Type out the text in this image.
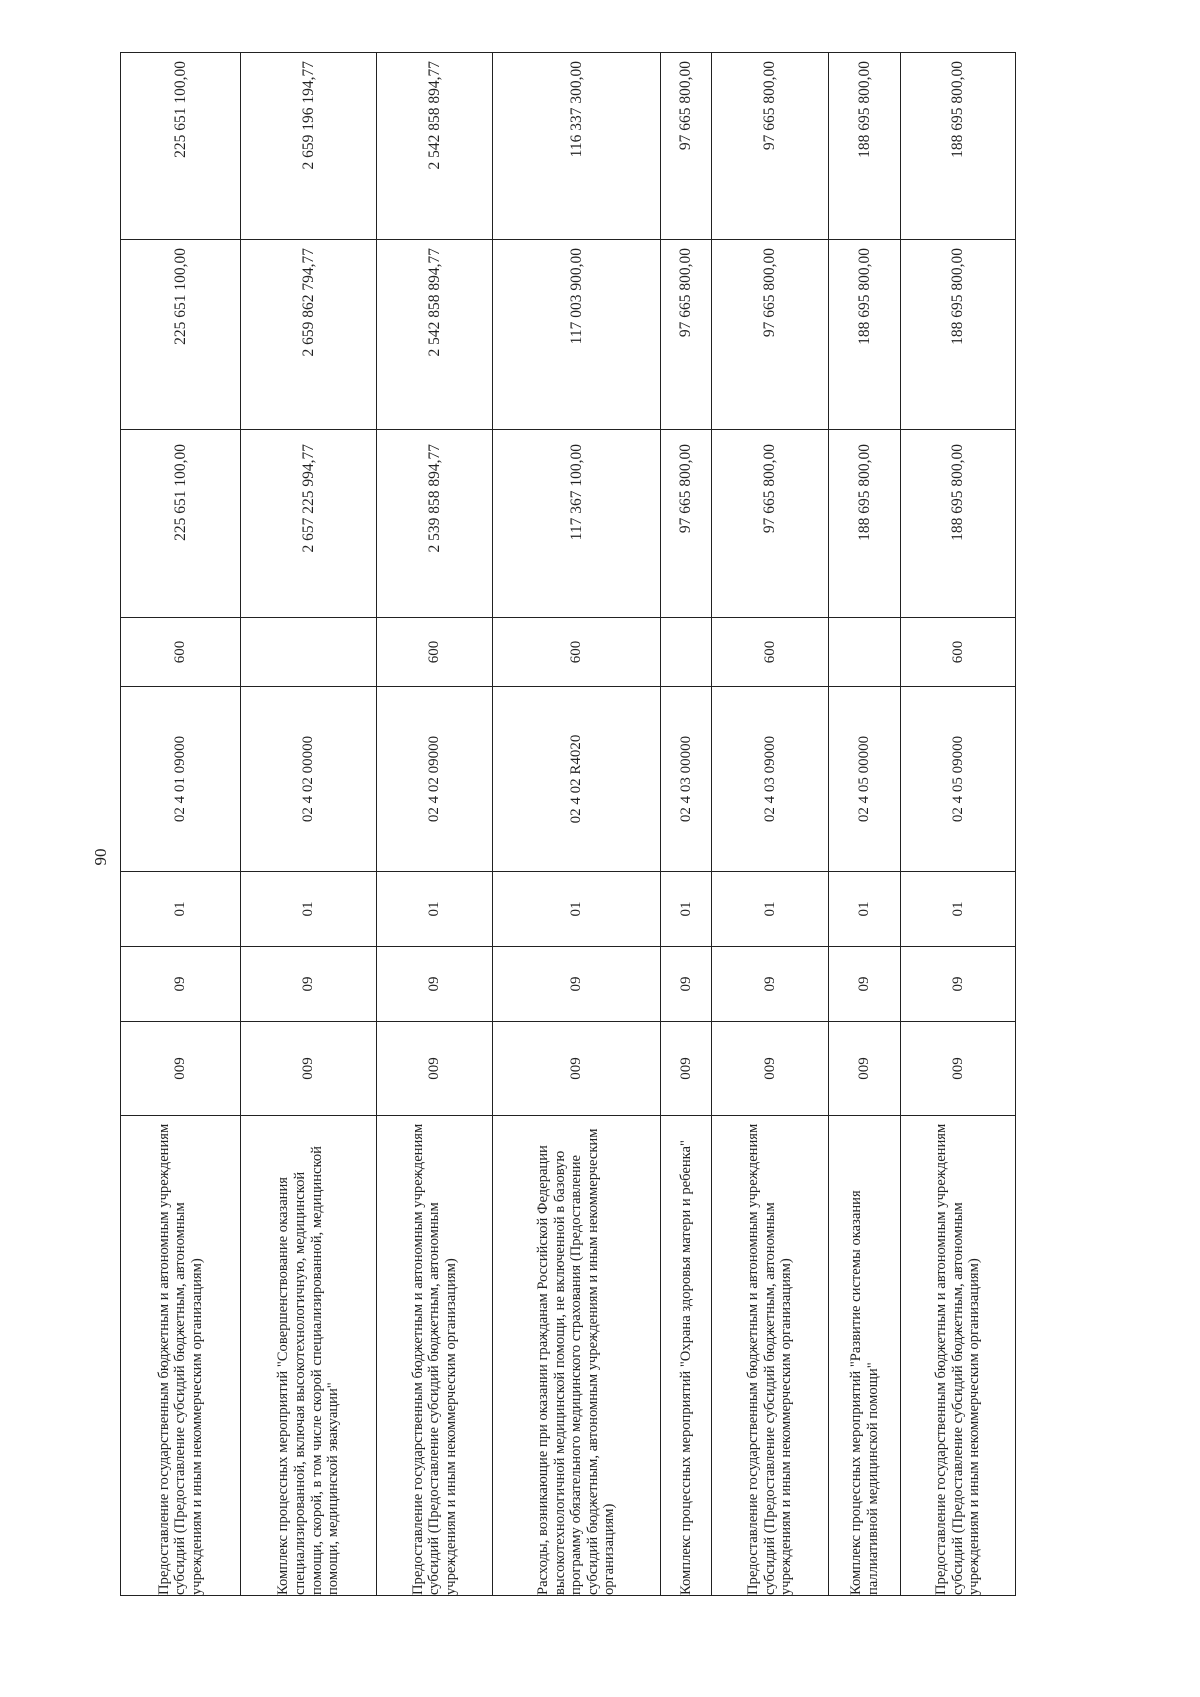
90
Предоставление государственным бюджетным и автономным учреждениям субсидий (Предоставление субсидий бюджетным, автономным учреждениям и иным некоммерческим организациям)	009	09	01	02 4 01 09000	600	225 651 100,00	225 651 100,00	225 651 100,00
Комплекс процессных мероприятий "Совершенствование оказания специализированной, включая высокотехнологичную, медицинской помощи, скорой, в том числе скорой специализированной, медицинской помощи, медицинской эвакуации"	009	09	01	02 4 02 00000		2 657 225 994,77	2 659 862 794,77	2 659 196 194,77
Предоставление государственным бюджетным и автономным учреждениям субсидий (Предоставление субсидий бюджетным, автономным учреждениям и иным некоммерческим организациям)	009	09	01	02 4 02 09000	600	2 539 858 894,77	2 542 858 894,77	2 542 858 894,77
Расходы, возникающие при оказании гражданам Российской Федерации высокотехнологичной медицинской помощи, не включенной в базовую программу обязательного медицинского страхования (Предоставление субсидий бюджетным, автономным учреждениям и иным некоммерческим организациям)	009	09	01	02 4 02 R4020	600	117 367 100,00	117 003 900,00	116 337 300,00
Комплекс процессных мероприятий "Охрана здоровья матери и ребенка"	009	09	01	02 4 03 00000		97 665 800,00	97 665 800,00	97 665 800,00
Предоставление государственным бюджетным и автономным учреждениям субсидий (Предоставление субсидий бюджетным, автономным учреждениям и иным некоммерческим организациям)	009	09	01	02 4 03 09000	600	97 665 800,00	97 665 800,00	97 665 800,00
Комплекс процессных мероприятий "Развитие системы оказания паллиативной медицинской помощи"	009	09	01	02 4 05 00000		188 695 800,00	188 695 800,00	188 695 800,00
Предоставление государственным бюджетным и автономным учреждениям субсидий (Предоставление субсидий бюджетным, автономным учреждениям и иным некоммерческим организациям)	009	09	01	02 4 05 09000	600	188 695 800,00	188 695 800,00	188 695 800,00
